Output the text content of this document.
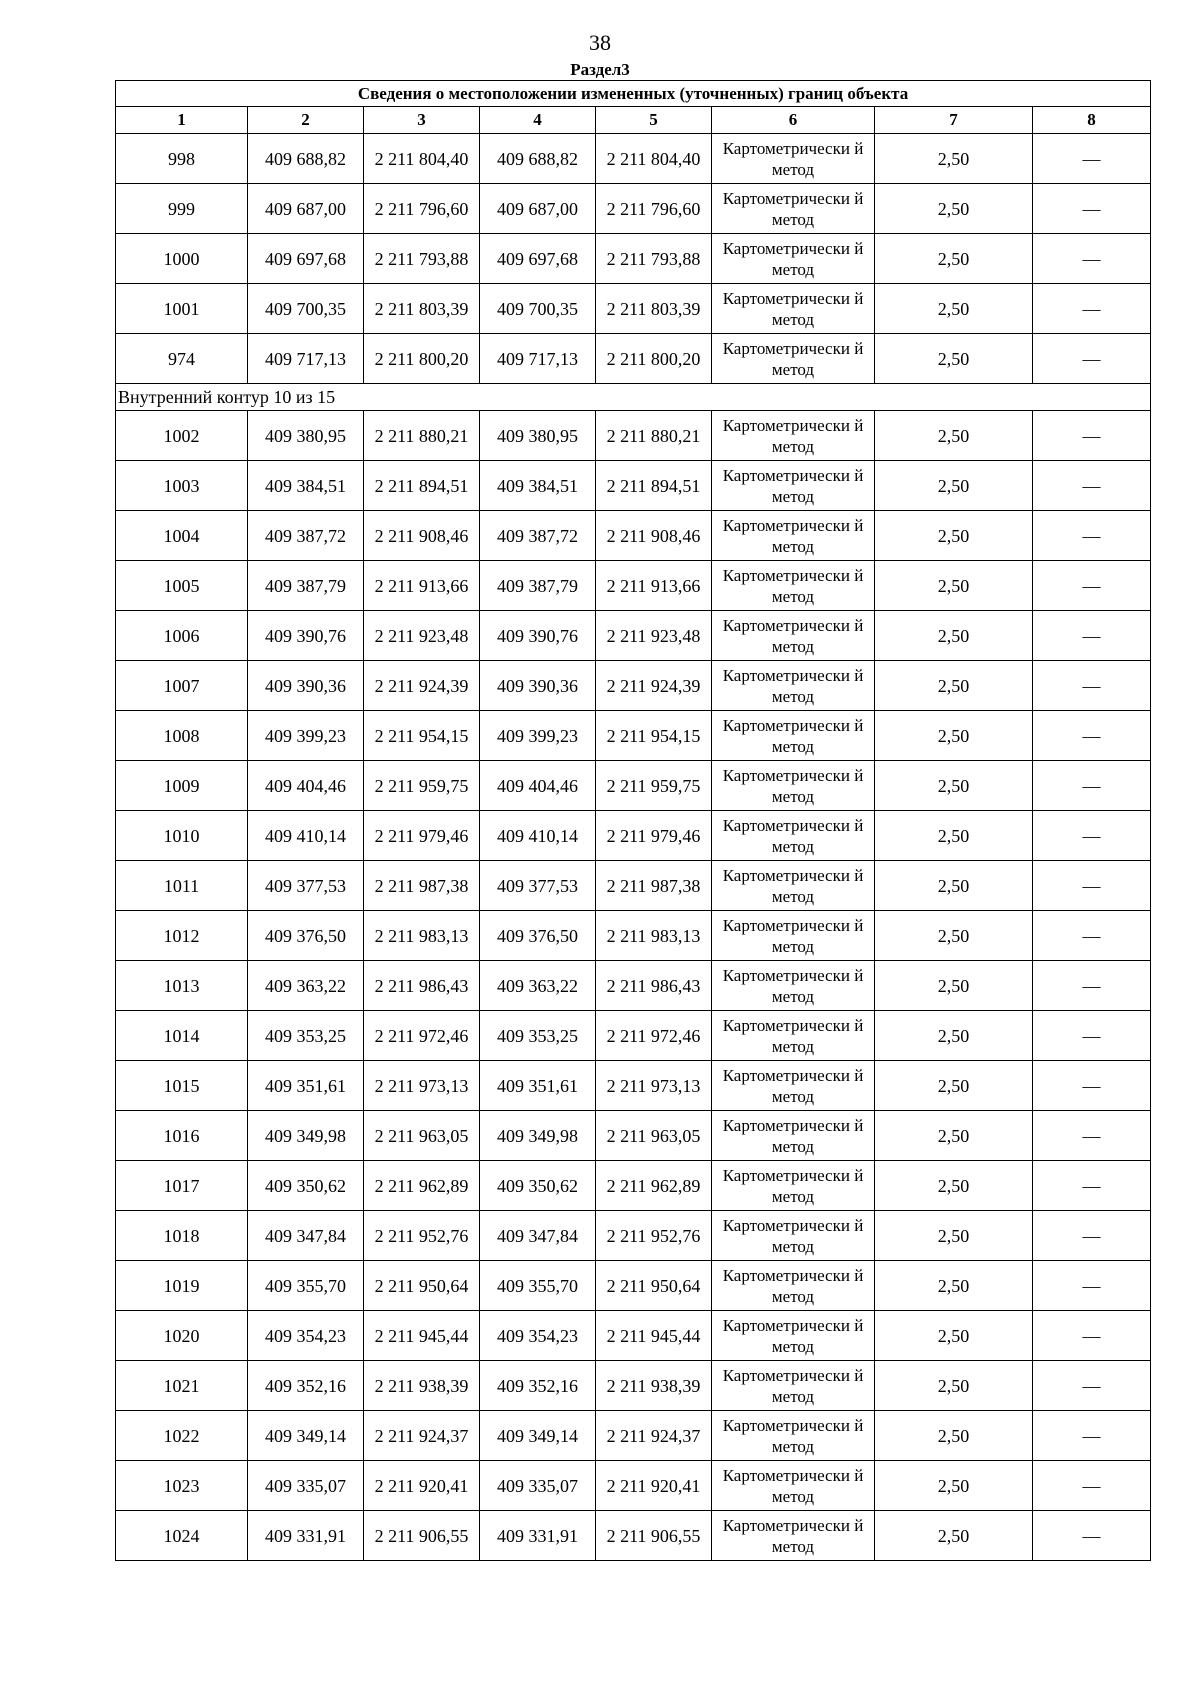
38
Раздел3
Сведения о местоположении измененных (уточненных) границ объекта							
1	2	3	4	5	6	7	8
998	409 688,82	2 211 804,40	409 688,82	2 211 804,40	Картометрически й метод	2,50	—
999	409 687,00	2 211 796,60	409 687,00	2 211 796,60	Картометрически й метод	2,50	—
1000	409 697,68	2 211 793,88	409 697,68	2 211 793,88	Картометрически й метод	2,50	—
1001	409 700,35	2 211 803,39	409 700,35	2 211 803,39	Картометрически й метод	2,50	—
974	409 717,13	2 211 800,20	409 717,13	2 211 800,20	Картометрически й метод	2,50	—
Внутренний контур 10 из 15							
1002	409 380,95	2 211 880,21	409 380,95	2 211 880,21	Картометрически й метод	2,50	—
1003	409 384,51	2 211 894,51	409 384,51	2 211 894,51	Картометрически й метод	2,50	—
1004	409 387,72	2 211 908,46	409 387,72	2 211 908,46	Картометрически й метод	2,50	—
1005	409 387,79	2 211 913,66	409 387,79	2 211 913,66	Картометрически й метод	2,50	—
1006	409 390,76	2 211 923,48	409 390,76	2 211 923,48	Картометрически й метод	2,50	—
1007	409 390,36	2 211 924,39	409 390,36	2 211 924,39	Картометрически й метод	2,50	—
1008	409 399,23	2 211 954,15	409 399,23	2 211 954,15	Картометрически й метод	2,50	—
1009	409 404,46	2 211 959,75	409 404,46	2 211 959,75	Картометрически й метод	2,50	—
1010	409 410,14	2 211 979,46	409 410,14	2 211 979,46	Картометрически й метод	2,50	—
1011	409 377,53	2 211 987,38	409 377,53	2 211 987,38	Картометрически й метод	2,50	—
1012	409 376,50	2 211 983,13	409 376,50	2 211 983,13	Картометрически й метод	2,50	—
1013	409 363,22	2 211 986,43	409 363,22	2 211 986,43	Картометрически й метод	2,50	—
1014	409 353,25	2 211 972,46	409 353,25	2 211 972,46	Картометрически й метод	2,50	—
1015	409 351,61	2 211 973,13	409 351,61	2 211 973,13	Картометрически й метод	2,50	—
1016	409 349,98	2 211 963,05	409 349,98	2 211 963,05	Картометрически й метод	2,50	—
1017	409 350,62	2 211 962,89	409 350,62	2 211 962,89	Картометрически й метод	2,50	—
1018	409 347,84	2 211 952,76	409 347,84	2 211 952,76	Картометрически й метод	2,50	—
1019	409 355,70	2 211 950,64	409 355,70	2 211 950,64	Картометрически й метод	2,50	—
1020	409 354,23	2 211 945,44	409 354,23	2 211 945,44	Картометрически й метод	2,50	—
1021	409 352,16	2 211 938,39	409 352,16	2 211 938,39	Картометрически й метод	2,50	—
1022	409 349,14	2 211 924,37	409 349,14	2 211 924,37	Картометрически й метод	2,50	—
1023	409 335,07	2 211 920,41	409 335,07	2 211 920,41	Картометрически й метод	2,50	—
1024	409 331,91	2 211 906,55	409 331,91	2 211 906,55	Картометрически й метод	2,50	—
